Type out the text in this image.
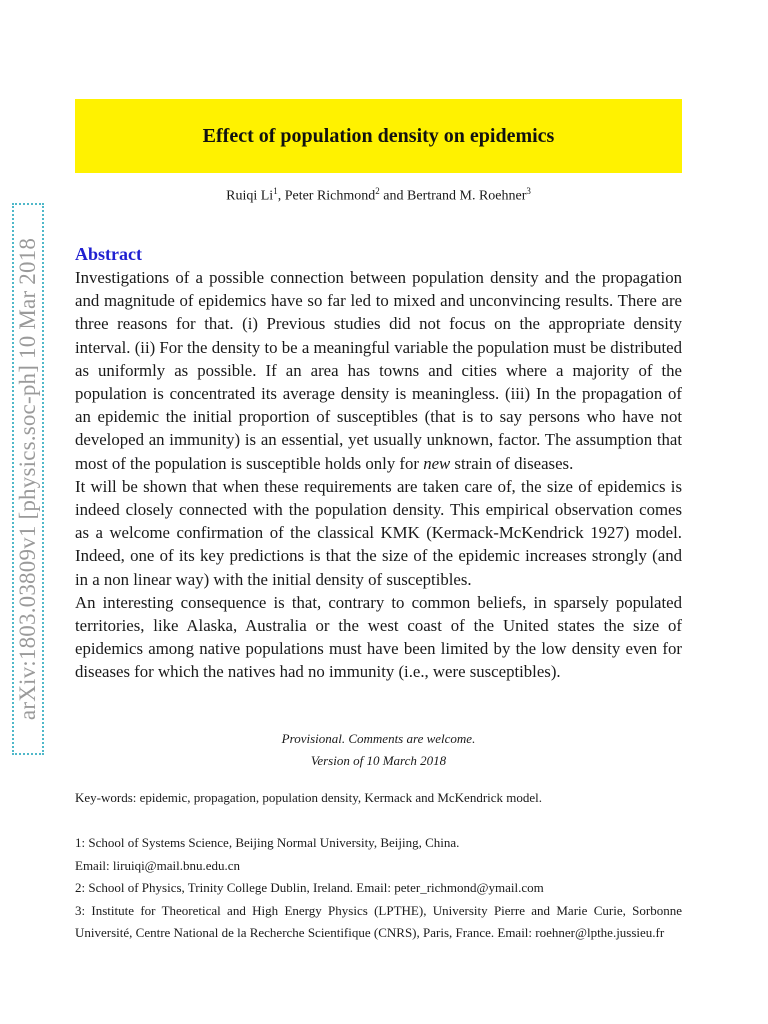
arXiv:1803.03809v1 [physics.soc-ph] 10 Mar 2018
Effect of population density on epidemics
Ruiqi Li$^1$, Peter Richmond$^2$ and Bertrand M. Roehner$^3$
Abstract

Investigations of a possible connection between population density and the propagation and magnitude of epidemics have so far led to mixed and unconvincing results. There are three reasons for that. (i) Previous studies did not focus on the appropriate density interval. (ii) For the density to be a meaningful variable the population must be distributed as uniformly as possible. If an area has towns and cities where a majority of the population is concentrated its average density is meaningless. (iii) In the propagation of an epidemic the initial proportion of susceptibles (that is to say persons who have not developed an immunity) is an essential, yet usually unknown, factor. The assumption that most of the population is susceptible holds only for new strain of diseases.

It will be shown that when these requirements are taken care of, the size of epidemics is indeed closely connected with the population density. This empirical observation comes as a welcome confirmation of the classical KMK (Kermack-McKendrick 1927) model. Indeed, one of its key predictions is that the size of the epidemic increases strongly (and in a non linear way) with the initial density of susceptibles.

An interesting consequence is that, contrary to common beliefs, in sparsely populated territories, like Alaska, Australia or the west coast of the United states the size of epidemics among native populations must have been limited by the low density even for diseases for which the natives had no immunity (i.e., were susceptibles).

Provisional. Comments are welcome.
Version of 10 March 2018
Key-words: epidemic, propagation, population density, Kermack and McKendrick model.
1: School of Systems Science, Beijing Normal University, Beijing, China.
Email: liruiqi@mail.bnu.edu.cn
2: School of Physics, Trinity College Dublin, Ireland. Email: peter_richmond@ymail.com
3: Institute for Theoretical and High Energy Physics (LPTHE), University Pierre and Marie Curie, Sorbonne Université, Centre National de la Recherche Scientifique (CNRS), Paris, France. Email: roehner@lpthe.jussieu.fr
